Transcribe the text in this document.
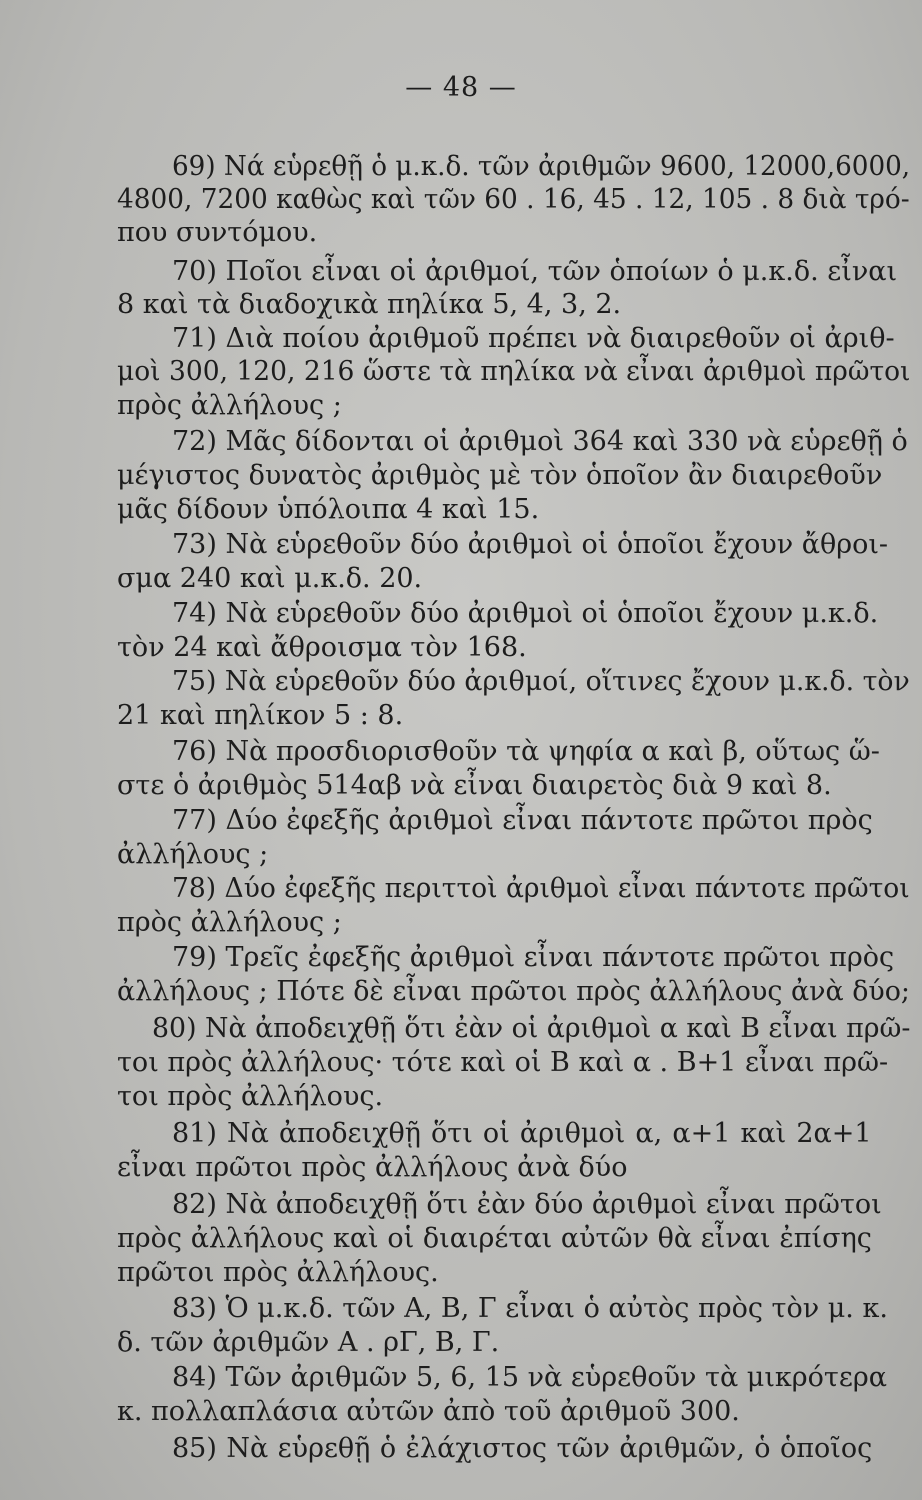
— 48 —
69) Νά εὑρεθῇ ὁ μ.κ.δ. τῶν ἀριθμῶν 9600, 12000,6000,
4800, 7200 καθὼς καὶ τῶν 60 . 16, 45 . 12, 105 . 8 διὰ τρό-
που συντόμου.
70) Ποῖοι εἶναι οἱ ἀριθμοί, τῶν ὁποίων ὁ μ.κ.δ. εἶναι
8 καὶ τὰ διαδοχικὰ πηλίκα 5, 4, 3, 2.
71) Διὰ ποίου ἀριθμοῦ πρέπει νὰ διαιρεθοῦν οἱ ἀριθ-
μοὶ 300, 120, 216 ὥστε τὰ πηλίκα νὰ εἶναι ἀριθμοὶ πρῶτοι
πρὸς ἀλλήλους ;
72) Μᾶς δίδονται οἱ ἀριθμοὶ 364 καὶ 330 νὰ εὑρεθῇ ὁ
μέγιστος δυνατὸς ἀριθμὸς μὲ τὸν ὁποῖον ἂν διαιρεθοῦν
μᾶς δίδουν ὑπόλοιπα 4 καὶ 15.
73) Νὰ εὑρεθοῦν δύο ἀριθμοὶ οἱ ὁποῖοι ἔχουν ἄθροι-
σμα 240 καὶ μ.κ.δ. 20.
74) Νὰ εὑρεθοῦν δύο ἀριθμοὶ οἱ ὁποῖοι ἔχουν μ.κ.δ.
τὸν 24 καὶ ἄθροισμα τὸν 168.
75) Νὰ εὑρεθοῦν δύο ἀριθμοί, οἵτινες ἔχουν μ.κ.δ. τὸν
21 καὶ πηλίκον 5 : 8.
76) Νὰ προσδιορισθοῦν τὰ ψηφία α καὶ β, οὕτως ὥ-
στε ὁ ἀριθμὸς 514αβ νὰ εἶναι διαιρετὸς διὰ 9 καὶ 8.
77) Δύο ἐφεξῆς ἀριθμοὶ εἶναι πάντοτε πρῶτοι πρὸς
ἀλλήλους ;
78) Δύο ἐφεξῆς περιττοὶ ἀριθμοὶ εἶναι πάντοτε πρῶτοι
πρὸς ἀλλήλους ;
79) Τρεῖς ἐφεξῆς ἀριθμοὶ εἶναι πάντοτε πρῶτοι πρὸς
ἀλλήλους ; Πότε δὲ εἶναι πρῶτοι πρὸς ἀλλήλους ἀνὰ δύο;
80) Νὰ ἀποδειχθῇ ὅτι ἐὰν οἱ ἀριθμοὶ α καὶ Β εἶναι πρῶ-
τοι πρὸς ἀλλήλους· τότε καὶ οἱ Β καὶ α . Β+1 εἶναι πρῶ-
τοι πρὸς ἀλλήλους.
81) Νὰ ἀποδειχθῇ ὅτι οἱ ἀριθμοὶ α, α+1 καὶ 2α+1
εἶναι πρῶτοι πρὸς ἀλλήλους ἀνὰ δύο
82) Νὰ ἀποδειχθῇ ὅτι ἐὰν δύο ἀριθμοὶ εἶναι πρῶτοι
πρὸς ἀλλήλους καὶ οἱ διαιρέται αὐτῶν θὰ εἶναι ἐπίσης
πρῶτοι πρὸς ἀλλήλους.
83) Ὁ μ.κ.δ. τῶν Α, Β, Γ εἶναι ὁ αὐτὸς πρὸς τὸν μ. κ.
δ. τῶν ἀριθμῶν Α . ρΓ, Β, Γ.
84) Τῶν ἀριθμῶν 5, 6, 15 νὰ εὑρεθοῦν τὰ μικρότερα
κ. πολλαπλάσια αὐτῶν ἀπὸ τοῦ ἀριθμοῦ 300.
85) Νὰ εὑρεθῇ ὁ ἐλάχιστος τῶν ἀριθμῶν, ὁ ὁποῖος
